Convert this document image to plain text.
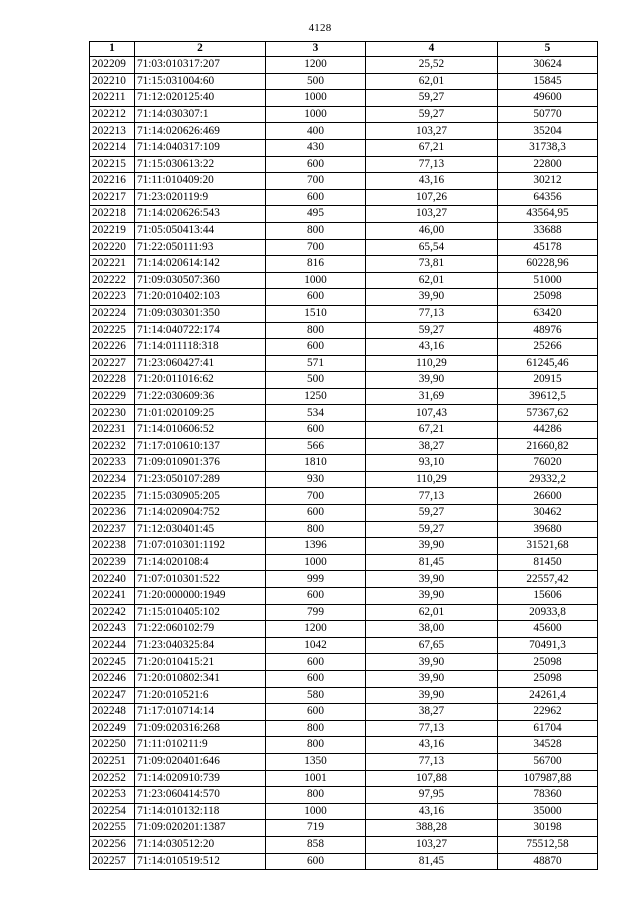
4128
1	2	3	4	5
202209	71:03:010317:207	1200	25,52	30624
202210	71:15:031004:60	500	62,01	15845
202211	71:12:020125:40	1000	59,27	49600
202212	71:14:030307:1	1000	59,27	50770
202213	71:14:020626:469	400	103,27	35204
202214	71:14:040317:109	430	67,21	31738,3
202215	71:15:030613:22	600	77,13	22800
202216	71:11:010409:20	700	43,16	30212
202217	71:23:020119:9	600	107,26	64356
202218	71:14:020626:543	495	103,27	43564,95
202219	71:05:050413:44	800	46,00	33688
202220	71:22:050111:93	700	65,54	45178
202221	71:14:020614:142	816	73,81	60228,96
202222	71:09:030507:360	1000	62,01	51000
202223	71:20:010402:103	600	39,90	25098
202224	71:09:030301:350	1510	77,13	63420
202225	71:14:040722:174	800	59,27	48976
202226	71:14:011118:318	600	43,16	25266
202227	71:23:060427:41	571	110,29	61245,46
202228	71:20:011016:62	500	39,90	20915
202229	71:22:030609:36	1250	31,69	39612,5
202230	71:01:020109:25	534	107,43	57367,62
202231	71:14:010606:52	600	67,21	44286
202232	71:17:010610:137	566	38,27	21660,82
202233	71:09:010901:376	1810	93,10	76020
202234	71:23:050107:289	930	110,29	29332,2
202235	71:15:030905:205	700	77,13	26600
202236	71:14:020904:752	600	59,27	30462
202237	71:12:030401:45	800	59,27	39680
202238	71:07:010301:1192	1396	39,90	31521,68
202239	71:14:020108:4	1000	81,45	81450
202240	71:07:010301:522	999	39,90	22557,42
202241	71:20:000000:1949	600	39,90	15606
202242	71:15:010405:102	799	62,01	20933,8
202243	71:22:060102:79	1200	38,00	45600
202244	71:23:040325:84	1042	67,65	70491,3
202245	71:20:010415:21	600	39,90	25098
202246	71:20:010802:341	600	39,90	25098
202247	71:20:010521:6	580	39,90	24261,4
202248	71:17:010714:14	600	38,27	22962
202249	71:09:020316:268	800	77,13	61704
202250	71:11:010211:9	800	43,16	34528
202251	71:09:020401:646	1350	77,13	56700
202252	71:14:020910:739	1001	107,88	107987,88
202253	71:23:060414:570	800	97,95	78360
202254	71:14:010132:118	1000	43,16	35000
202255	71:09:020201:1387	719	388,28	30198
202256	71:14:030512:20	858	103,27	75512,58
202257	71:14:010519:512	600	81,45	48870
